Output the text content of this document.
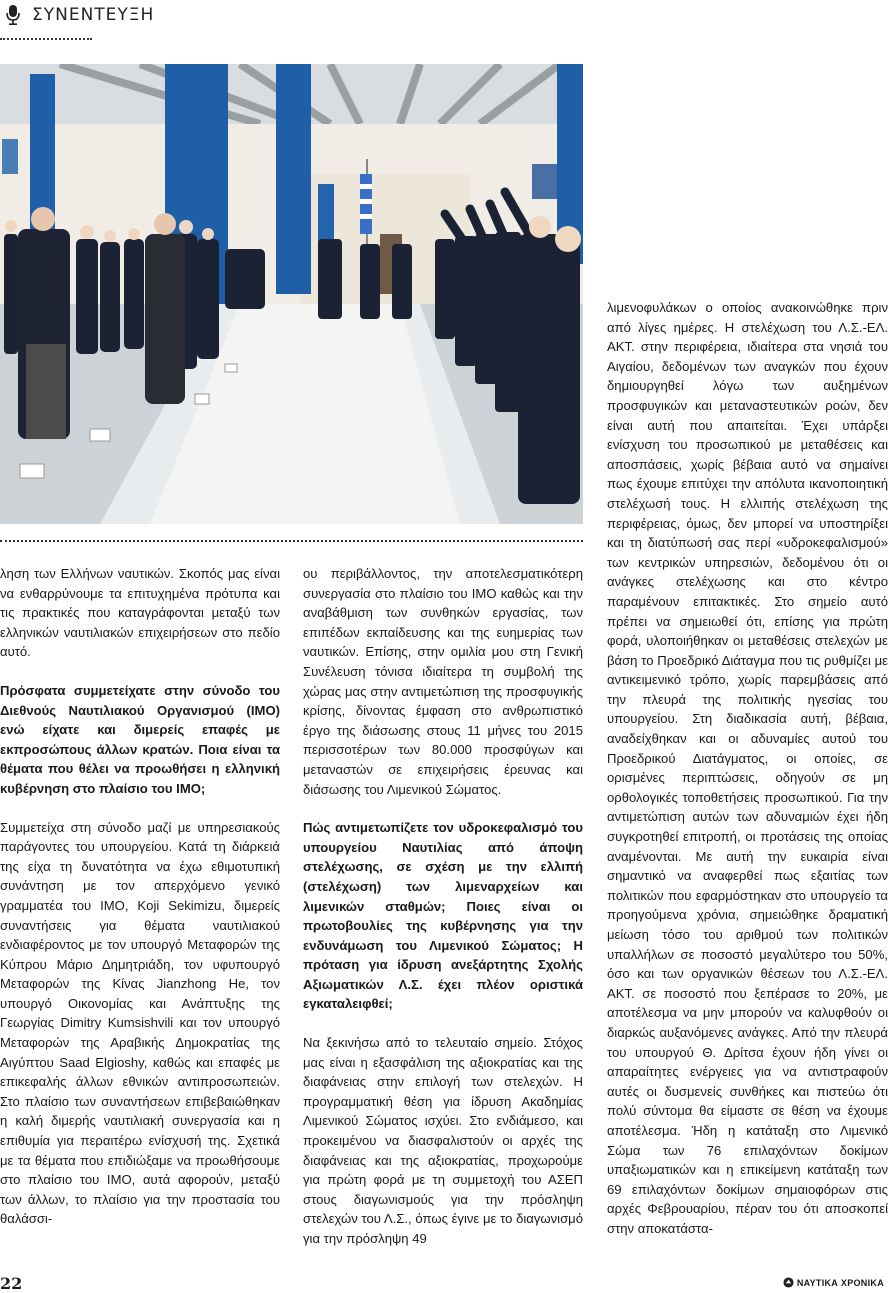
ΣΥΝΕΝΤΕΥΞΗ

ληση των Ελλήνων ναυτικών. Σκοπός μας είναι να ενθαρρύνουμε τα επιτυχημένα πρότυπα και τις πρακτικές που καταγράφονται μεταξύ των ελληνικών ναυτιλιακών επιχειρήσεων στο πεδίο αυτό.

Πρόσφατα συμμετείχατε στην σύνοδο του Διεθνούς Ναυτιλιακού Οργανισμού (ΙΜΟ) ενώ είχατε και διμερείς επαφές με εκπροσώπους άλλων κρατών. Ποια είναι τα θέματα που θέλει να προωθήσει η ελληνική κυβέρνηση στο πλαίσιο του ΙΜΟ;

Συμμετείχα στη σύνοδο μαζί με υπηρεσιακούς παράγοντες του υπουργείου. Κατά τη διάρκειά της είχα τη δυνατότητα να έχω εθιμοτυπική συνάντηση με τον απερχόμενο γενικό γραμματέα του ΙΜΟ, Koji Sekimizu, διμερείς συναντήσεις για θέματα ναυτιλιακού ενδιαφέροντος με τον υπουργό Μεταφορών της Κύπρου Μάριο Δημητριάδη, τον υφυπουργό Μεταφορών της Κίνας Jianzhong He, τον υπουργό Οικονομίας και Ανάπτυξης της Γεωργίας Dimitry Kumsishvili και τον υπουργό Μεταφορών της Αραβικής Δημοκρατίας της Αιγύπτου Saad Elgioshy, καθώς και επαφές με επικεφαλής άλλων εθνικών αντιπροσωπειών. Στο πλαίσιο των συναντήσεων επιβεβαιώθηκαν η καλή διμερής ναυτιλιακή συνεργασία και η επιθυμία για περαιτέρω ενίσχυσή της. Σχετικά με τα θέματα που επιδιώξαμε να προωθήσουμε στο πλαίσιο του ΙΜΟ, αυτά αφορούν, μεταξύ των άλλων, το πλαίσιο για την προστασία του θαλάσσι-

ου περιβάλλοντος, την αποτελεσματικότερη συνεργασία στο πλαίσιο του ΙΜΟ καθώς και την αναβάθμιση των συνθηκών εργασίας, των επιπέδων εκπαίδευσης και της ευημερίας των ναυτικών. Επίσης, στην ομιλία μου στη Γενική Συνέλευση τόνισα ιδιαίτερα τη συμβολή της χώρας μας στην αντιμετώπιση της προσφυγικής κρίσης, δίνοντας έμφαση στο ανθρωπιστικό έργο της διάσωσης στους 11 μήνες του 2015 περισσοτέρων των 80.000 προσφύγων και μεταναστών σε επιχειρήσεις έρευνας και διάσωσης του Λιμενικού Σώματος.

Πώς αντιμετωπίζετε τον υδροκεφαλισμό του υπουργείου Ναυτιλίας από άποψη στελέχωσης, σε σχέση με την ελλιπή (στελέχωση) των λιμεναρχείων και λιμενικών σταθμών; Ποιες είναι οι πρωτοβουλίες της κυβέρνησης για την ενδυνάμωση του Λιμενικού Σώματος; Η πρόταση για ίδρυση ανεξάρτητης Σχολής Αξιωματικών Λ.Σ. έχει πλέον οριστικά εγκαταλειφθεί;

Να ξεκινήσω από το τελευταίο σημείο. Στόχος μας είναι η εξασφάλιση της αξιοκρατίας και της διαφάνειας στην επιλογή των στελεχών. Η προγραμματική θέση για ίδρυση Ακαδημίας Λιμενικού Σώματος ισχύει. Στο ενδιάμεσο, και προκειμένου να διασφαλιστούν οι αρχές της διαφάνειας και της αξιοκρατίας, προχωρούμε για πρώτη φορά με τη συμμετοχή του ΑΣΕΠ στους διαγωνισμούς για την πρόσληψη στελεχών του Λ.Σ., όπως έγινε με το διαγωνισμό για την πρόσληψη 49

λιμενοφυλάκων ο οποίος ανακοινώθηκε πριν από λίγες ημέρες. Η στελέχωση του Λ.Σ.-ΕΛ. ΑΚΤ. στην περιφέρεια, ιδιαίτερα στα νησιά του Αιγαίου, δεδομένων των αναγκών που έχουν δημιουργηθεί λόγω των αυξημένων προσφυγικών και μεταναστευτικών ροών, δεν είναι αυτή που απαιτείται. Έχει υπάρξει ενίσχυση του προσωπικού με μεταθέσεις και αποσπάσεις, χωρίς βέβαια αυτό να σημαίνει πως έχουμε επιτύχει την απόλυτα ικανοποιητική στελέχωσή τους. Η ελλιπής στελέχωση της περιφέρειας, όμως, δεν μπορεί να υποστηρίξει και τη διατύπωσή σας περί «υδροκεφαλισμού» των κεντρικών υπηρεσιών, δεδομένου ότι οι ανάγκες στελέχωσης και στο κέντρο παραμένουν επιτακτικές. Στο σημείο αυτό πρέπει να σημειωθεί ότι, επίσης για πρώτη φορά, υλοποιήθηκαν οι μεταθέσεις στελεχών με βάση το Προεδρικό Διάταγμα που τις ρυθμίζει με αντικειμενικό τρόπο, χωρίς παρεμβάσεις από την πλευρά της πολιτικής ηγεσίας του υπουργείου. Στη διαδικασία αυτή, βέβαια, αναδείχθηκαν και οι αδυναμίες αυτού του Προεδρικού Διατάγματος, οι οποίες, σε ορισμένες περιπτώσεις, οδηγούν σε μη ορθολογικές τοποθετήσεις προσωπικού. Για την αντιμετώπιση αυτών των αδυναμιών έχει ήδη συγκροτηθεί επιτροπή, οι προτάσεις της οποίας αναμένονται. Με αυτή την ευκαιρία είναι σημαντικό να αναφερθεί πως εξαιτίας των πολιτικών που εφαρμόστηκαν στο υπουργείο τα προηγούμενα χρόνια, σημειώθηκε δραματική μείωση τόσο του αριθμού των πολιτικών υπαλλήλων σε ποσοστό μεγαλύτερο του 50%, όσο και των οργανικών θέσεων του Λ.Σ.-ΕΛ. ΑΚΤ. σε ποσοστό που ξεπέρασε το 20%, με αποτέλεσμα να μην μπορούν να καλυφθούν οι διαρκώς αυξανόμενες ανάγκες. Από την πλευρά του υπουργού Θ. Δρίτσα έχουν ήδη γίνει οι απαραίτητες ενέργειες για να αντιστραφούν αυτές οι δυσμενείς συνθήκες και πιστεύω ότι πολύ σύντομα θα είμαστε σε θέση να έχουμε αποτέλεσμα. Ήδη η κατάταξη στο Λιμενικό Σώμα των 76 επιλαχόντων δοκίμων υπαξιωματικών και η επικείμενη κατάταξη των 69 επιλαχόντων δοκίμων σημαιοφόρων στις αρχές Φεβρουαρίου, πέραν του ότι αποσκοπεί στην αποκατάστα-

22	ΝΑΥΤΙΚΑ ΧΡΟΝΙΚΑ
